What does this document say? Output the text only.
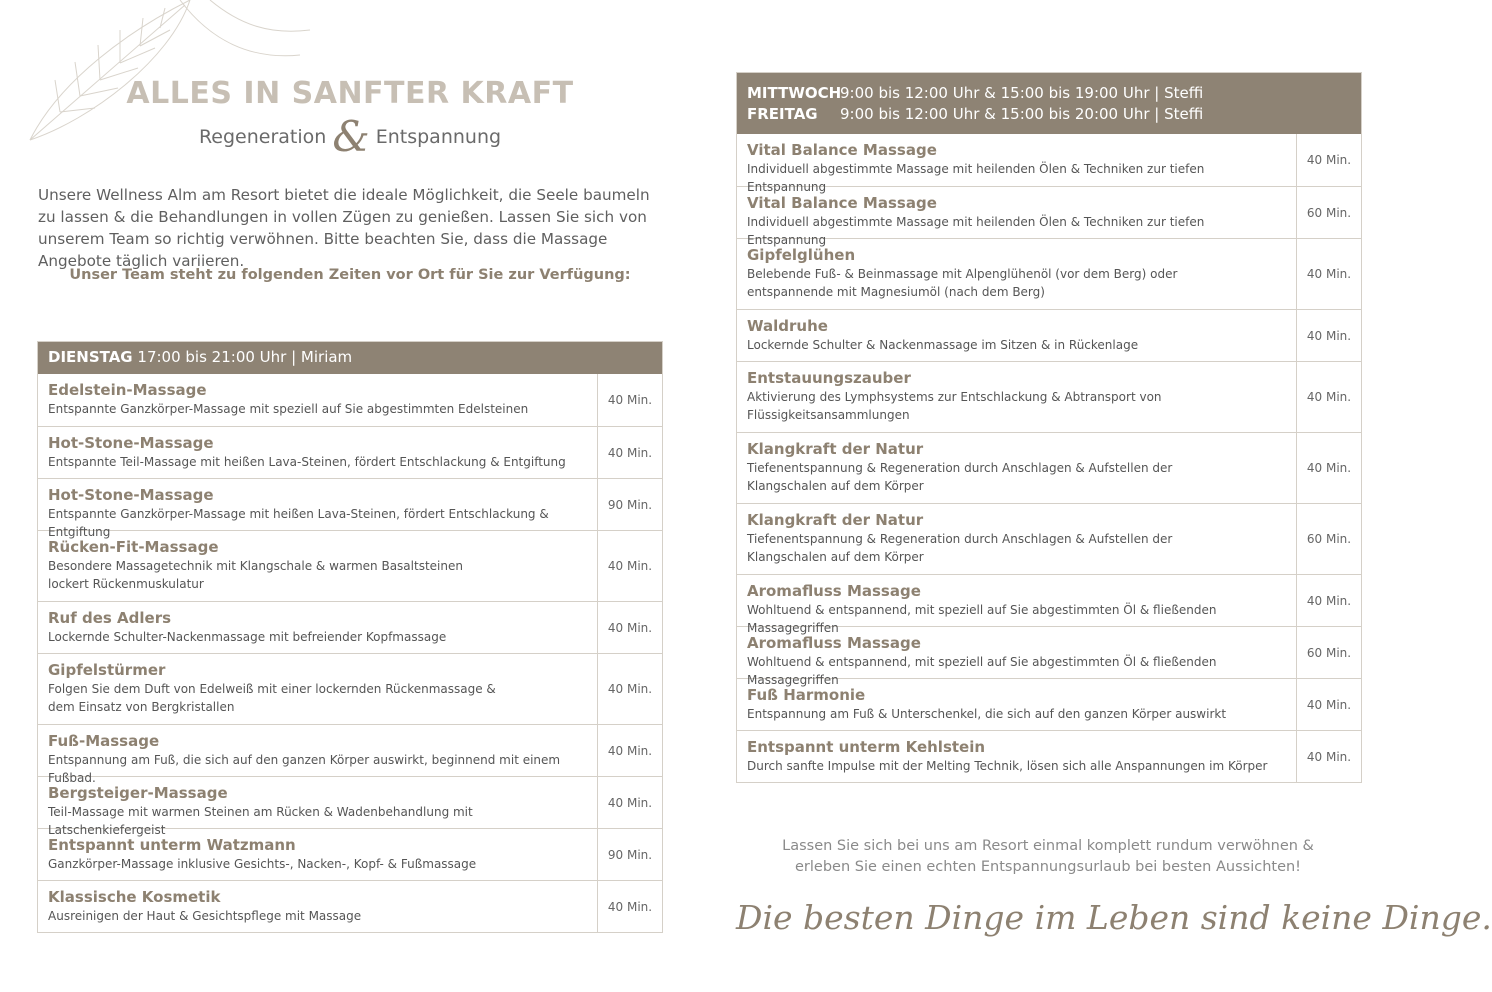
ALLES IN SANFTER KRAFT
Regeneration & Entspannung

Unsere Wellness Alm am Resort bietet die ideale Möglichkeit, die Seele baumeln zu lassen & die Behandlungen in vollen Zügen zu genießen. Lassen Sie sich von unserem Team so richtig verwöhnen. Bitte beachten Sie, dass die Massage Angebote täglich variieren.

Unser Team steht zu folgenden Zeiten vor Ort für Sie zur Verfügung:

DIENSTAG 17:00 bis 21:00 Uhr | Miriam
Edelstein-Massage
Entspannte Ganzkörper-Massage mit speziell auf Sie abgestimmten Edelsteinen
40 Min.
Hot-Stone-Massage
Entspannte Teil-Massage mit heißen Lava-Steinen, fördert Entschlackung & Entgiftung
40 Min.
Hot-Stone-Massage
Entspannte Ganzkörper-Massage mit heißen Lava-Steinen, fördert Entschlackung & Entgiftung
90 Min.
Rücken-Fit-Massage
Besondere Massagetechnik mit Klangschale & warmen Basaltsteinen
lockert Rückenmuskulatur
40 Min.
Ruf des Adlers
Lockernde Schulter-Nackenmassage mit befreiender Kopfmassage
40 Min.
Gipfelstürmer
Folgen Sie dem Duft von Edelweiß mit einer lockernden Rückenmassage &
dem Einsatz von Bergkristallen
40 Min.
Fuß-Massage
Entspannung am Fuß, die sich auf den ganzen Körper auswirkt, beginnend mit einem Fußbad.
40 Min.
Bergsteiger-Massage
Teil-Massage mit warmen Steinen am Rücken & Wadenbehandlung mit Latschenkiefergeist
40 Min.
Entspannt unterm Watzmann
Ganzkörper-Massage inklusive Gesichts-, Nacken-, Kopf- & Fußmassage
90 Min.
Klassische Kosmetik
Ausreinigen der Haut & Gesichtspflege mit Massage
40 Min.
MITTWOCH
9:00 bis 12:00 Uhr & 15:00 bis 19:00 Uhr | Steffi
FREITAG	9:00 bis 12:00 Uhr & 15:00 bis 20:00 Uhr | Steffi
Vital Balance Massage
Individuell abgestimmte Massage mit heilenden Ölen & Techniken zur tiefen Entspannung
40 Min.
Vital Balance Massage
Individuell abgestimmte Massage mit heilenden Ölen & Techniken zur tiefen Entspannung
60 Min.
Gipfelglühen
Belebende Fuß- & Beinmassage mit Alpenglühenöl (vor dem Berg) oder
entspannende mit Magnesiumöl (nach dem Berg)
40 Min.
Waldruhe
Lockernde Schulter & Nackenmassage im Sitzen & in Rückenlage
40 Min.
Entstauungszauber
Aktivierung des Lymphsystems zur Entschlackung & Abtransport von
Flüssigkeitsansammlungen
40 Min.
Klangkraft der Natur
Tiefenentspannung & Regeneration durch Anschlagen & Aufstellen der
Klangschalen auf dem Körper
40 Min.
Klangkraft der Natur
Tiefenentspannung & Regeneration durch Anschlagen & Aufstellen der
Klangschalen auf dem Körper
60 Min.
Aromafluss Massage
Wohltuend & entspannend, mit speziell auf Sie abgestimmten Öl & fließenden Massagegriffen
40 Min.
Aromafluss Massage
Wohltuend & entspannend, mit speziell auf Sie abgestimmten Öl & fließenden Massagegriffen
60 Min.
Fuß Harmonie
Entspannung am Fuß & Unterschenkel, die sich auf den ganzen Körper auswirkt
40 Min.
Entspannt unterm Kehlstein
Durch sanfte Impulse mit der Melting Technik, lösen sich alle Anspannungen im Körper
40 Min.
Lassen Sie sich bei uns am Resort einmal komplett rundum verwöhnen &
erleben Sie einen echten Entspannungsurlaub bei besten Aussichten!

Die besten Dinge im Leben sind keine Dinge.
